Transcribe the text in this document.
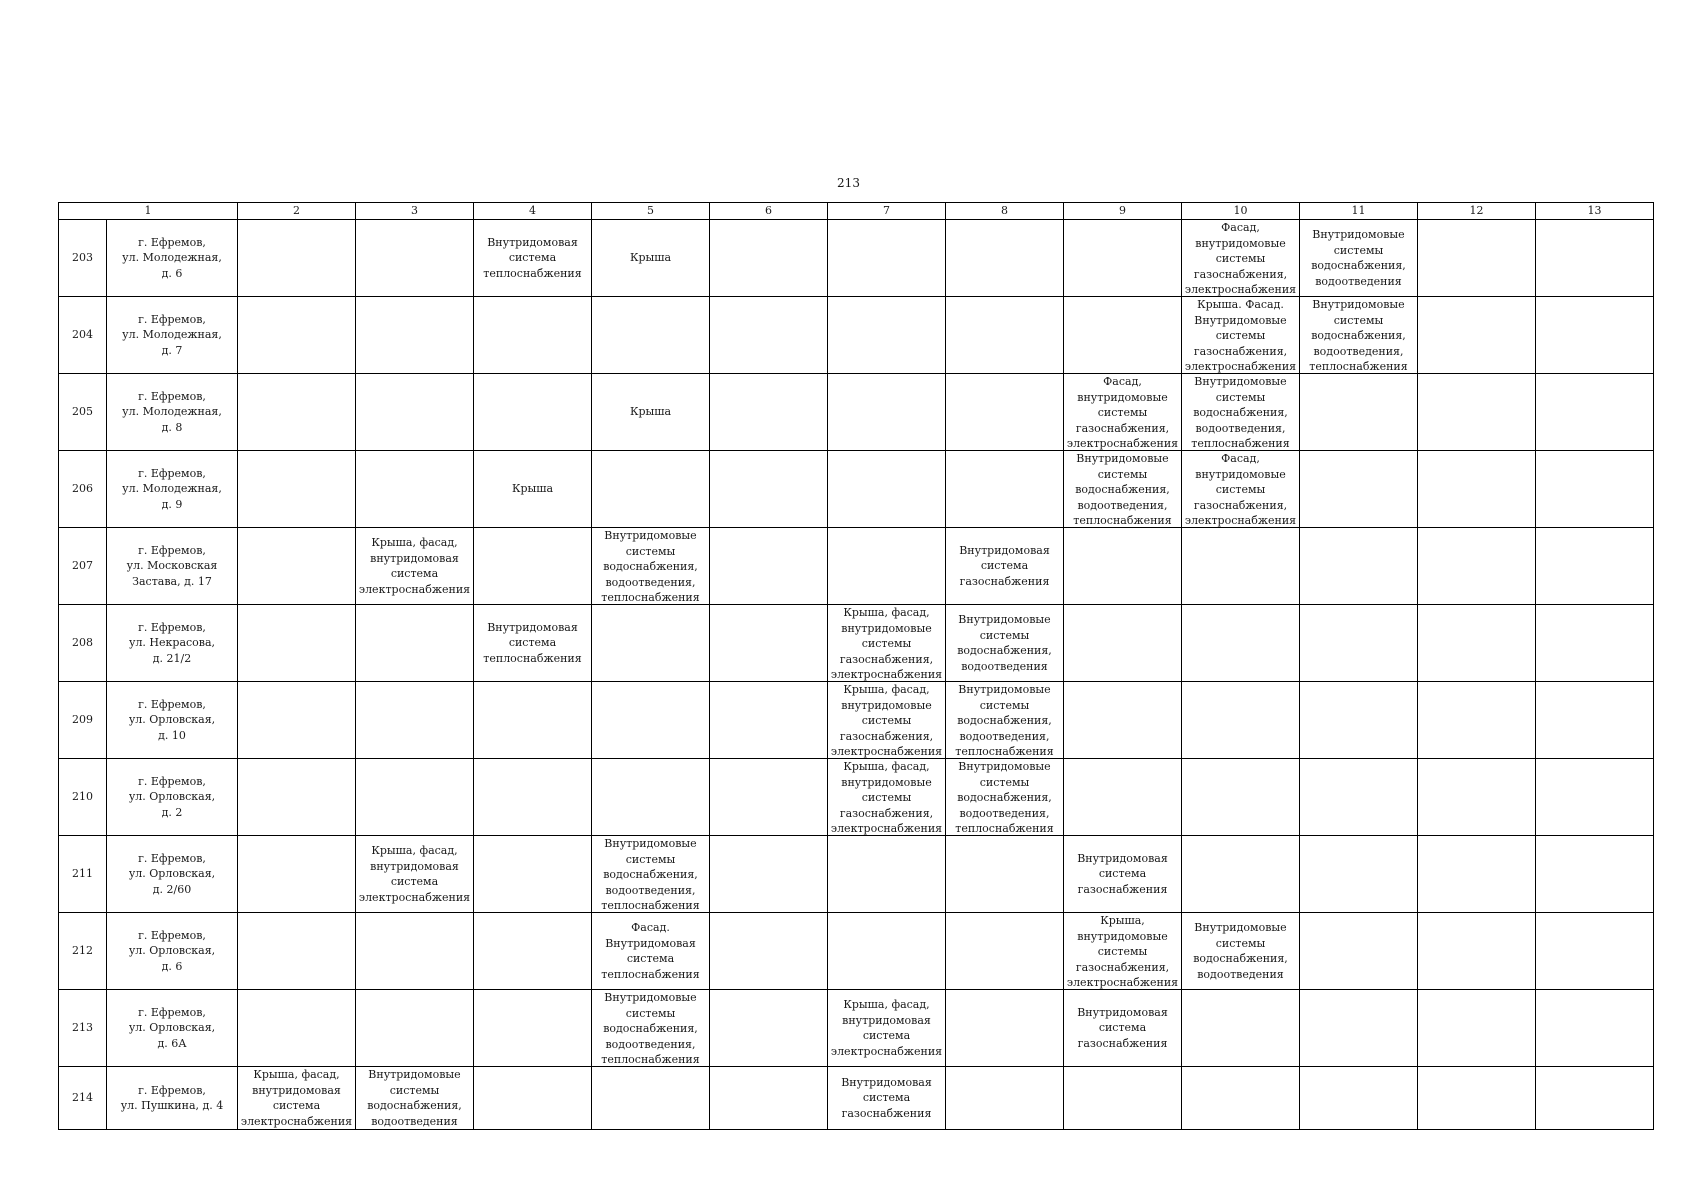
213
1		2	3	4	5	6	7	8	9	10	11	12	13

203	г. Ефремов,
ул. Молодежная,
д. 6			Внутридомовая
система
теплоснабжения	Крыша					Фасад,
внутридомовые
системы
газоснабжения,
электроснабжения	Внутридомовые
системы
водоснабжения,
водоотведения		

204	г. Ефремов,
ул. Молодежная,
д. 7									Крыша. Фасад.
Внутридомовые
системы
газоснабжения,
электроснабжения	Внутридомовые
системы
водоснабжения,
водоотведения,
теплоснабжения		

205	г. Ефремов,
ул. Молодежная,
д. 8				Крыша				Фасад,
внутридомовые
системы
газоснабжения,
электроснабжения	Внутридомовые
системы
водоснабжения,
водоотведения,
теплоснабжения			

206	г. Ефремов,
ул. Молодежная,
д. 9			Крыша					Внутридомовые
системы
водоснабжения,
водоотведения,
теплоснабжения	Фасад,
внутридомовые
системы
газоснабжения,
электроснабжения			

207	г. Ефремов,
ул. Московская
Застава, д. 17		Крыша, фасад,
внутридомовая
система
электроснабжения		Внутридомовые
системы
водоснабжения,
водоотведения,
теплоснабжения			Внутридомовая
система
газоснабжения					

208	г. Ефремов,
ул. Некрасова,
д. 21/2			Внутридомовая
система
теплоснабжения			Крыша, фасад,
внутридомовые
системы
газоснабжения,
электроснабжения	Внутридомовые
системы
водоснабжения,
водоотведения					

209	г. Ефремов,
ул. Орловская,
д. 10						Крыша, фасад,
внутридомовые
системы
газоснабжения,
электроснабжения	Внутридомовые
системы
водоснабжения,
водоотведения,
теплоснабжения					

210	г. Ефремов,
ул. Орловская,
д. 2						Крыша, фасад,
внутридомовые
системы
газоснабжения,
электроснабжения	Внутридомовые
системы
водоснабжения,
водоотведения,
теплоснабжения					

211	г. Ефремов,
ул. Орловская,
д. 2/60		Крыша, фасад,
внутридомовая
система
электроснабжения		Внутридомовые
системы
водоснабжения,
водоотведения,
теплоснабжения				Внутридомовая
система
газоснабжения				

212	г. Ефремов,
ул. Орловская,
д. 6				Фасад.
Внутридомовая
система
теплоснабжения				Крыша,
внутридомовые
системы
газоснабжения,
электроснабжения	Внутридомовые
системы
водоснабжения,
водоотведения			

213	г. Ефремов,
ул. Орловская,
д. 6А				Внутридомовые
системы
водоснабжения,
водоотведения,
теплоснабжения		Крыша, фасад,
внутридомовая
система
электроснабжения		Внутридомовая
система
газоснабжения				

214	г. Ефремов,
ул. Пушкина, д. 4	Крыша, фасад,
внутридомовая
система
электроснабжения	Внутридомовые
системы
водоснабжения,
водоотведения				Внутридомовая
система
газоснабжения						
